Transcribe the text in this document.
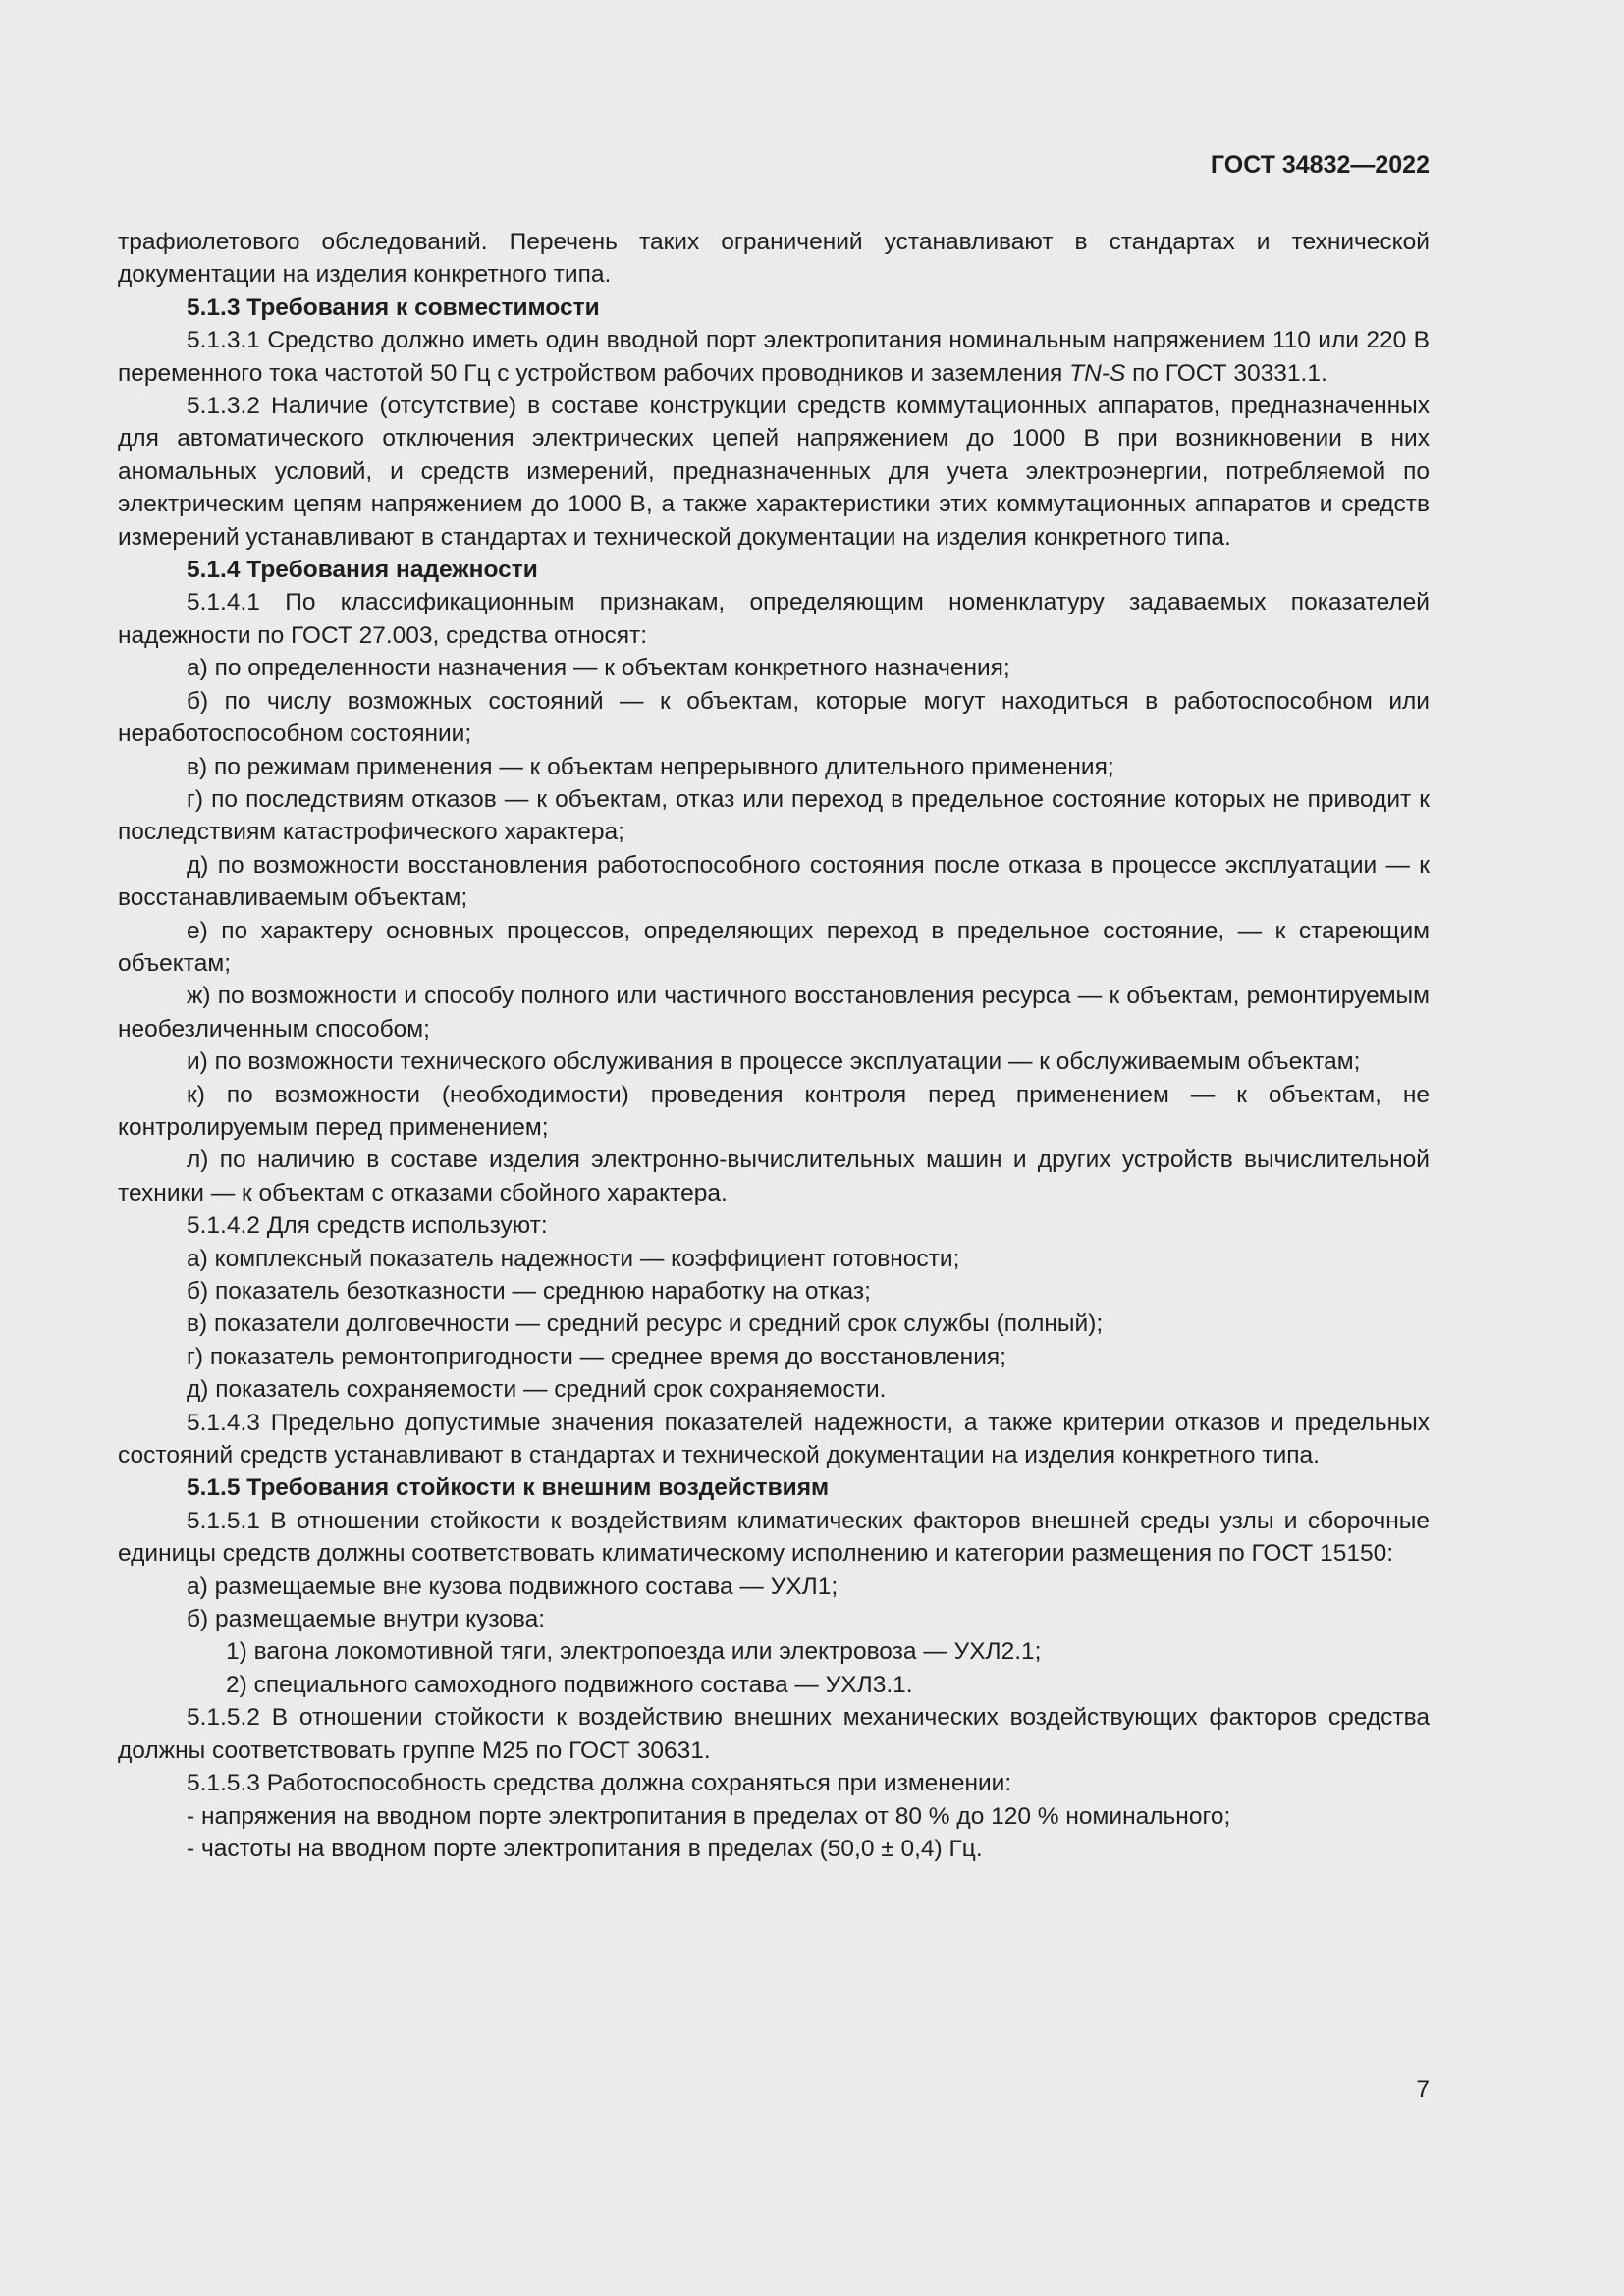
ГОСТ 34832—2022

трафиолетового обследований. Перечень таких ограничений устанавливают в стандартах и технической документации на изделия конкретного типа.

5.1.3 Требования к совместимости

5.1.3.1 Средство должно иметь один вводной порт электропитания номинальным напряжением 110 или 220 В переменного тока частотой 50 Гц с устройством рабочих проводников и заземления TN-S по ГОСТ 30331.1.

5.1.3.2 Наличие (отсутствие) в составе конструкции средств коммутационных аппаратов, предназначенных для автоматического отключения электрических цепей напряжением до 1000 В при возникновении в них аномальных условий, и средств измерений, предназначенных для учета электроэнергии, потребляемой по электрическим цепям напряжением до 1000 В, а также характеристики этих коммутационных аппаратов и средств измерений устанавливают в стандартах и технической документации на изделия конкретного типа.

5.1.4 Требования надежности

5.1.4.1 По классификационным признакам, определяющим номенклатуру задаваемых показателей надежности по ГОСТ 27.003, средства относят:

а) по определенности назначения — к объектам конкретного назначения;

б) по числу возможных состояний — к объектам, которые могут находиться в работоспособном или неработоспособном состоянии;

в) по режимам применения — к объектам непрерывного длительного применения;

г) по последствиям отказов — к объектам, отказ или переход в предельное состояние которых не приводит к последствиям катастрофического характера;

д) по возможности восстановления работоспособного состояния после отказа в процессе эксплуатации — к восстанавливаемым объектам;

е) по характеру основных процессов, определяющих переход в предельное состояние, — к стареющим объектам;

ж) по возможности и способу полного или частичного восстановления ресурса — к объектам, ремонтируемым необезличенным способом;

и) по возможности технического обслуживания в процессе эксплуатации — к обслуживаемым объектам;

к) по возможности (необходимости) проведения контроля перед применением — к объектам, не контролируемым перед применением;

л) по наличию в составе изделия электронно-вычислительных машин и других устройств вычислительной техники — к объектам с отказами сбойного характера.

5.1.4.2 Для средств используют:

а) комплексный показатель надежности — коэффициент готовности;

б) показатель безотказности — среднюю наработку на отказ;

в) показатели долговечности — средний ресурс и средний срок службы (полный);

г) показатель ремонтопригодности — среднее время до восстановления;

д) показатель сохраняемости — средний срок сохраняемости.

5.1.4.3 Предельно допустимые значения показателей надежности, а также критерии отказов и предельных состояний средств устанавливают в стандартах и технической документации на изделия конкретного типа.

5.1.5 Требования стойкости к внешним воздействиям

5.1.5.1 В отношении стойкости к воздействиям климатических факторов внешней среды узлы и сборочные единицы средств должны соответствовать климатическому исполнению и категории размещения по ГОСТ 15150:

а) размещаемые вне кузова подвижного состава — УХЛ1;

б) размещаемые внутри кузова:

1) вагона локомотивной тяги, электропоезда или электровоза — УХЛ2.1;

2) специального самоходного подвижного состава — УХЛ3.1.

5.1.5.2 В отношении стойкости к воздействию внешних механических воздействующих факторов средства должны соответствовать группе М25 по ГОСТ 30631.

5.1.5.3 Работоспособность средства должна сохраняться при изменении:

- напряжения на вводном порте электропитания в пределах от 80 % до 120 % номинального;

- частоты на вводном порте электропитания в пределах (50,0 ± 0,4) Гц.

7
